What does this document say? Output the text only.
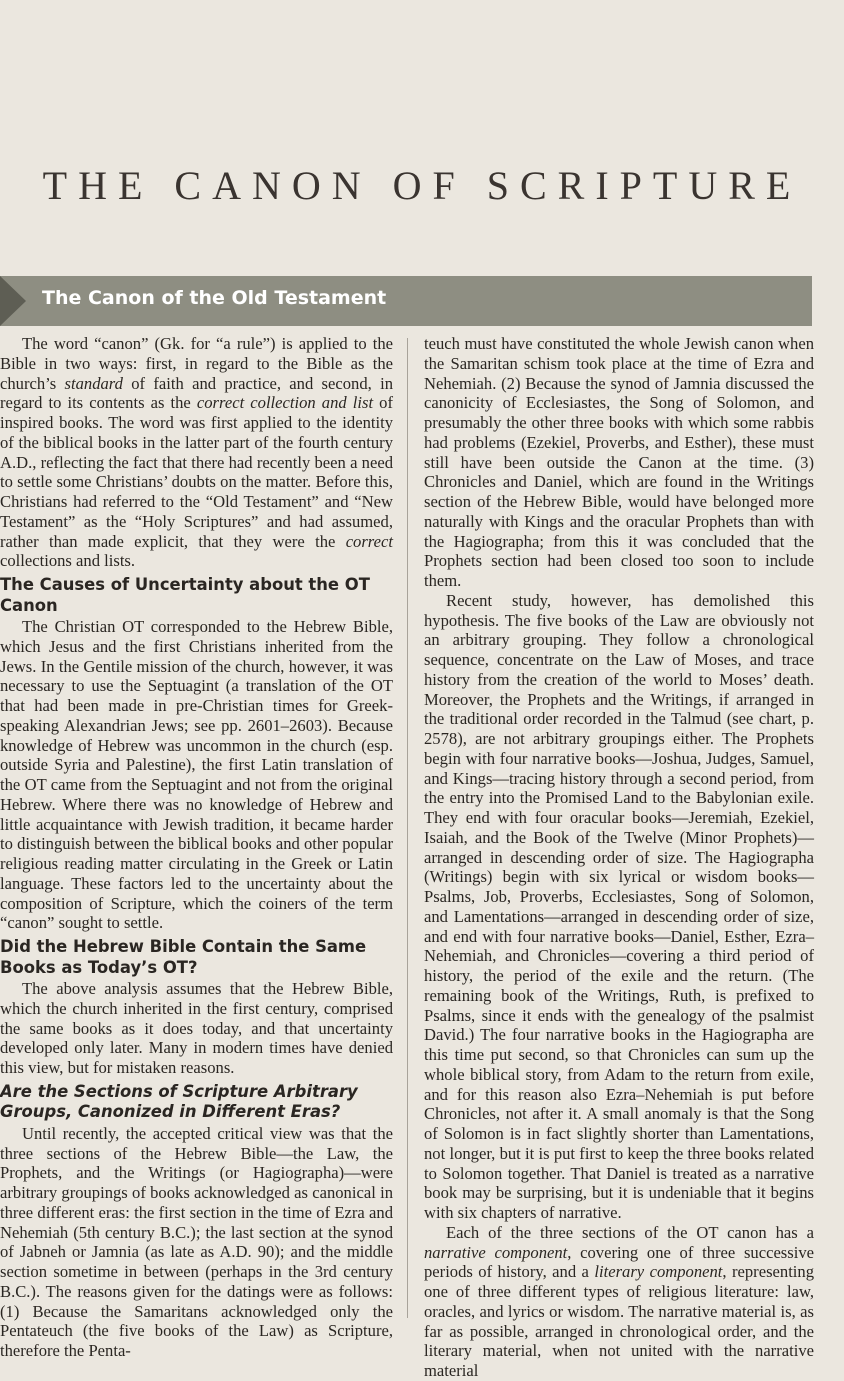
THE CANON OF SCRIPTURE
The Canon of the Old Testament

The word “canon” (Gk. for “a rule”) is applied to the Bible in two ways: first, in regard to the Bible as the church’s standard of faith and practice, and second, in regard to its contents as the correct collection and list of inspired books. The word was first applied to the identity of the biblical books in the latter part of the fourth century A.D., reflecting the fact that there had recently been a need to settle some Christians’ doubts on the matter. Before this, Christians had referred to the “Old Testament” and “New Testament” as the “Holy Scriptures” and had assumed, rather than made explicit, that they were the correct collections and lists.

The Causes of Uncertainty about the OT Canon

The Christian OT corresponded to the Hebrew Bible, which Jesus and the first Christians inherited from the Jews. In the Gentile mission of the church, however, it was necessary to use the Septuagint (a translation of the OT that had been made in pre-Christian times for Greek-speaking Alexandrian Jews; see pp. 2601–2603). Because knowledge of Hebrew was uncommon in the church (esp. outside Syria and Palestine), the first Latin translation of the OT came from the Septuagint and not from the original Hebrew. Where there was no knowledge of Hebrew and little acquaintance with Jewish tradition, it became harder to distinguish between the biblical books and other popular religious reading matter circulating in the Greek or Latin language. These factors led to the uncertainty about the composition of Scripture, which the coiners of the term “canon” sought to settle.

Did the Hebrew Bible Contain the Same Books as Today’s OT?

The above analysis assumes that the Hebrew Bible, which the church inherited in the first century, comprised the same books as it does today, and that uncertainty developed only later. Many in modern times have denied this view, but for mistaken reasons.

Are the Sections of Scripture Arbitrary Groups, Canonized in Different Eras?

Until recently, the accepted critical view was that the three sections of the Hebrew Bible—the Law, the Prophets, and the Writings (or Hagiographa)—were arbitrary groupings of books acknowledged as canonical in three different eras: the first section in the time of Ezra and Nehemiah (5th century B.C.); the last section at the synod of Jabneh or Jamnia (as late as A.D. 90); and the middle section sometime in between (perhaps in the 3rd century B.C.). The reasons given for the datings were as follows: (1) Because the Samaritans acknowledged only the Pentateuch (the five books of the Law) as Scripture, therefore the Penta-

teuch must have constituted the whole Jewish canon when the Samaritan schism took place at the time of Ezra and Nehemiah. (2) Because the synod of Jamnia discussed the canonicity of Ecclesiastes, the Song of Solomon, and presumably the other three books with which some rabbis had problems (Ezekiel, Proverbs, and Esther), these must still have been outside the Canon at the time. (3) Chronicles and Daniel, which are found in the Writings section of the Hebrew Bible, would have belonged more naturally with Kings and the oracular Prophets than with the Hagiographa; from this it was concluded that the Prophets section had been closed too soon to include them.

Recent study, however, has demolished this hypothesis. The five books of the Law are obviously not an arbitrary grouping. They follow a chronological sequence, concentrate on the Law of Moses, and trace history from the creation of the world to Moses’ death. Moreover, the Prophets and the Writings, if arranged in the traditional order recorded in the Talmud (see chart, p. 2578), are not arbitrary groupings either. The Prophets begin with four narrative books—Joshua, Judges, Samuel, and Kings—tracing history through a second period, from the entry into the Promised Land to the Babylonian exile. They end with four oracular books—Jeremiah, Ezekiel, Isaiah, and the Book of the Twelve (Minor Prophets)—arranged in descending order of size. The Hagiographa (Writings) begin with six lyrical or wisdom books—Psalms, Job, Proverbs, Ecclesiastes, Song of Solomon, and Lamentations—arranged in descending order of size, and end with four narrative books—Daniel, Esther, Ezra–Nehemiah, and Chronicles—covering a third period of history, the period of the exile and the return. (The remaining book of the Writings, Ruth, is prefixed to Psalms, since it ends with the genealogy of the psalmist David.) The four narrative books in the Hagiographa are this time put second, so that Chronicles can sum up the whole biblical story, from Adam to the return from exile, and for this reason also Ezra–Nehemiah is put before Chronicles, not after it. A small anomaly is that the Song of Solomon is in fact slightly shorter than Lamentations, not longer, but it is put first to keep the three books related to Solomon together. That Daniel is treated as a narrative book may be surprising, but it is undeniable that it begins with six chapters of narrative.

Each of the three sections of the OT canon has a narrative component, covering one of three successive periods of history, and a literary component, representing one of three different types of religious literature: law, oracles, and lyrics or wisdom. The narrative material is, as far as possible, arranged in chronological order, and the literary material, when not united with the narrative material
